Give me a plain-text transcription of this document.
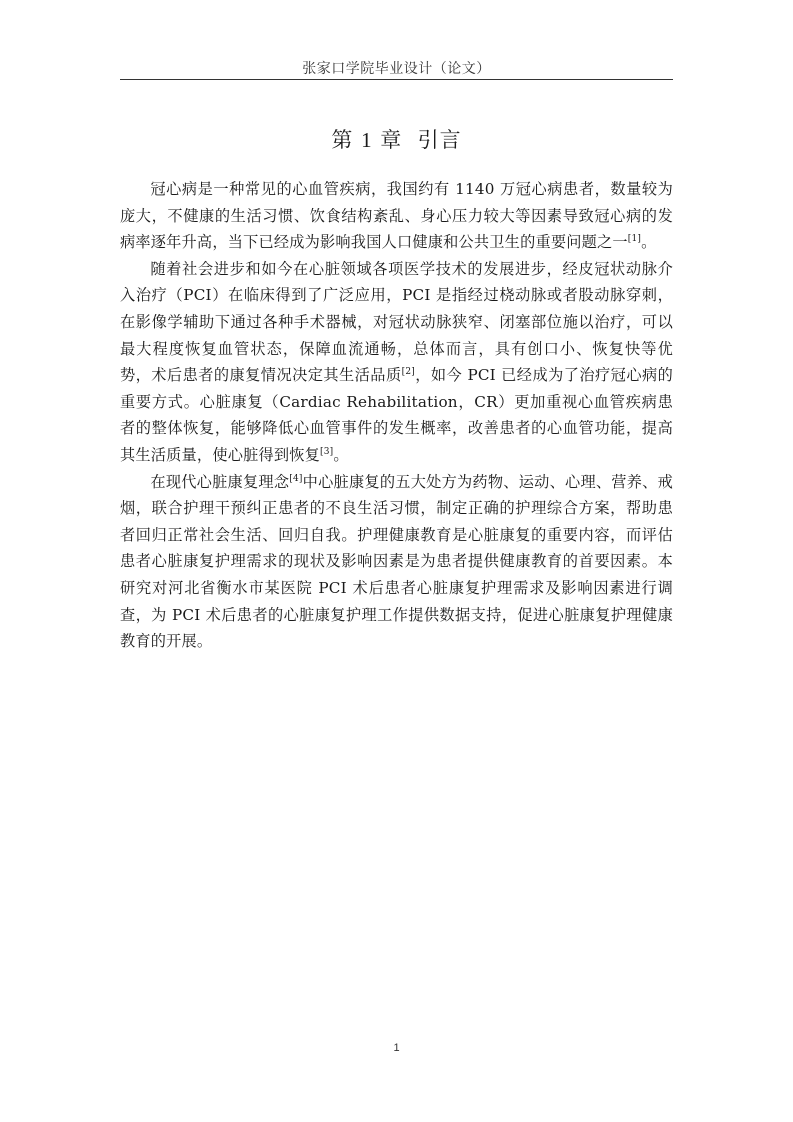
张家口学院毕业设计（论文）
第 1 章 引言

冠心病是一种常见的心血管疾病，我国约有 1140 万冠心病患者，数量较为庞大，不健康的生活习惯、饮食结构紊乱、身心压力较大等因素导致冠心病的发病率逐年升高，当下已经成为影响我国人口健康和公共卫生的重要问题之一[1]。

随着社会进步和如今在心脏领域各项医学技术的发展进步，经皮冠状动脉介入治疗（PCI）在临床得到了广泛应用，PCI 是指经过桡动脉或者股动脉穿刺，在影像学辅助下通过各种手术器械，对冠状动脉狭窄、闭塞部位施以治疗，可以最大程度恢复血管状态，保障血流通畅，总体而言，具有创口小、恢复快等优势，术后患者的康复情况决定其生活品质[2]，如今 PCI 已经成为了治疗冠心病的重要方式。心脏康复（Cardiac Rehabilitation，CR）更加重视心血管疾病患者的整体恢复，能够降低心血管事件的发生概率，改善患者的心血管功能，提高其生活质量，使心脏得到恢复[3]。

在现代心脏康复理念[4]中心脏康复的五大处方为药物、运动、心理、营养、戒烟，联合护理干预纠正患者的不良生活习惯，制定正确的护理综合方案，帮助患者回归正常社会生活、回归自我。护理健康教育是心脏康复的重要内容，而评估患者心脏康复护理需求的现状及影响因素是为患者提供健康教育的首要因素。本研究对河北省衡水市某医院 PCI 术后患者心脏康复护理需求及影响因素进行调查，为 PCI 术后患者的心脏康复护理工作提供数据支持，促进心脏康复护理健康教育的开展。

1
